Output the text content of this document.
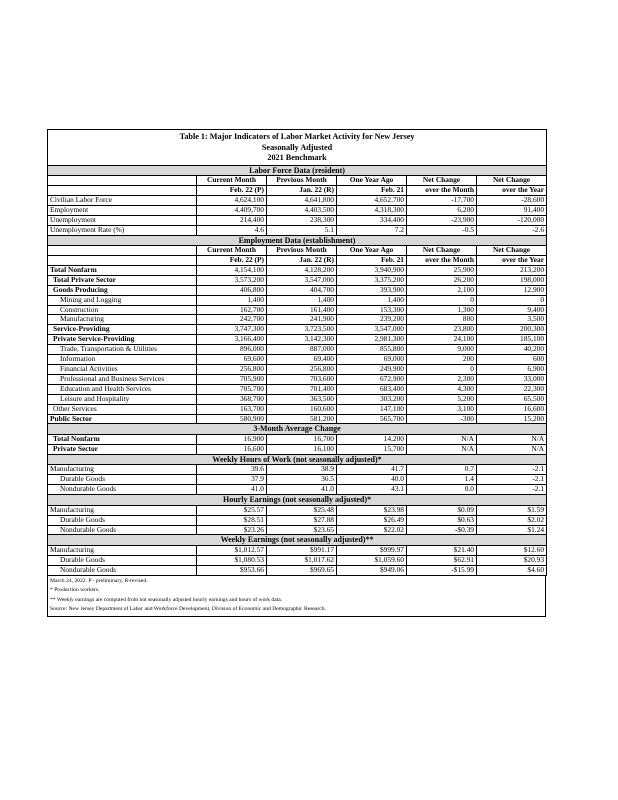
Table 1: Major Indicators of Labor Market Activity for New Jersey
Seasonally Adjusted
2021 Benchmark					

Labor Force Data (resident)					
	Current Month	Previous Month	One Year Ago	Net Change	Net Change
	Feb. 22 (P)	Jan. 22 (R)	Feb. 21	over the Month	over the Year
Civilian Labor Force	4,624,100	4,641,800	4,652,700	-17,700	-28,600
Employment	4,409,700	4,403,500	4,318,300	6,200	91,400
Unemployment	214,400	238,300	334,400	-23,900	-120,000
Unemployment Rate (%)	4.6	5.1	7.2	-0.5	-2.6
Employment Data (establishment)					
	Current Month	Previous Month	One Year Ago	Net Change	Net Change
	Feb. 22 (P)	Jan. 22 (R)	Feb. 21	over the Month	over the Year
Total Nonfarm	4,154,100	4,128,200	3,940,900	25,900	213,200
Total Private Sector	3,573,200	3,547,000	3,375,200	26,200	198,000
Goods Producing	406,800	404,700	393,900	2,100	12,900
Mining and Logging	1,400	1,400	1,400	0	0
Construction	162,700	161,400	153,300	1,300	9,400
Manufacturing	242,700	241,900	239,200	800	3,500
Service-Providing	3,747,300	3,723,500	3,547,000	23,800	200,300
Private Service-Providing	3,166,400	3,142,300	2,981,300	24,100	185,100
Trade, Transportation & Utilities	896,000	887,000	855,800	9,000	40,200
Information	69,600	69,400	69,000	200	600
Financial Activities	256,800	256,800	249,900	0	6,900
Professional and Business Services	705,900	703,600	672,900	2,300	33,000
Education and Health Services	705,700	701,400	683,400	4,300	22,300
Leisure and Hospitality	368,700	363,500	303,200	5,200	65,500
Other Services	163,700	160,600	147,100	3,100	16,600
Public Sector	580,900	581,200	565,700	-300	15,200
3-Month Average Change					
Total Nonfarm	16,900	16,700	14,200	N/A	N/A
Private Sector	16,600	16,100	15,700	N/A	N/A
Weekly Hours of Work (not seasonally adjusted)*					
Manufacturing	39.6	38.9	41.7	0.7	-2.1
Durable Goods	37.9	36.5	40.0	1.4	-2.1
Nondurable Goods	41.0	41.0	43.1	0.0	-2.1
Hourly Earnings (not seasonally adjusted)*					
Manufacturing	$25.57	$25.48	$23.98	$0.09	$1.59
Durable Goods	$28.51	$27.88	$26.49	$0.63	$2.02
Nondurable Goods	$23.26	$23.65	$22.02	-$0.39	$1.24
Weekly Earnings (not seasonally adjusted)**					
Manufacturing	$1,012.57	$991.17	$999.97	$21.40	$12.60
Durable Goods	$1,080.53	$1,017.62	$1,059.60	$62.91	$20.93
Nondurable Goods	$953.66	$969.65	$949.06	-$15.99	$4.60
March 24, 2022. P - preliminary, R-revised.
* Production workers.
** Weekly earnings are computed from not seasonally adjusted hourly earnings and hours of work data.
Source: New Jersey Department of Labor and Workforce Development, Division of Economic and Demographic Research.
